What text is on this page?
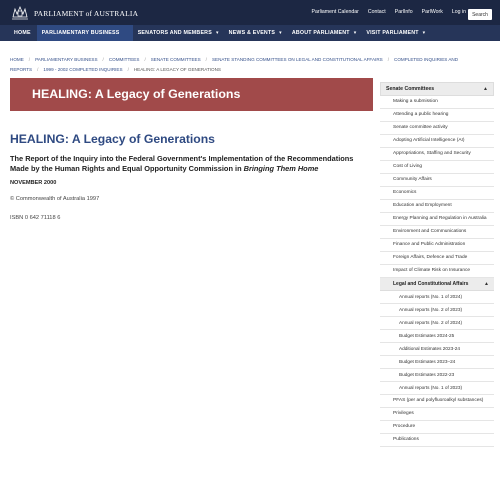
PARLIAMENT of AUSTRALIA	Parliament Calendar Contact ParlInfo ParlWork Log in	Search
HOME PARLIAMENTARY BUSINESS	SENATORS AND MEMBERS ▾ NEWS & EVENTS ▾ ABOUT PARLIAMENT ▾ VISIT PARLIAMENT ▾
HOME / PARLIAMENTARY BUSINESS / COMMITTEES / SENATE COMMITTEES / SENATE STANDING COMMITTEES ON LEGAL AND CONSTITUTIONAL AFFAIRS / COMPLETED INQUIRIES AND REPORTS / 1999 - 2002 COMPLETED INQUIRIES / HEALING: A LEGACY OF GENERATIONS
HEALING: A Legacy of Generations
HEALING: A Legacy of Generations

The Report of the Inquiry into the Federal Government's Implementation of the Recommendations Made by the Human Rights and Equal Opportunity Commission in Bringing Them Home

NOVEMBER 2000

© Commonwealth of Australia 1997

ISBN 0 642 71118 6

Senate Committees	▲
Making a submission
Attending a public hearing
Senate committee activity
Adopting Artificial Intelligence (AI)
Appropriations, Staffing and Security
Cost of Living
Community Affairs
Economics
Education and Employment
Energy Planning and Regulation in Australia
Environment and Communications
Finance and Public Administration
Foreign Affairs, Defence and Trade
Impact of Climate Risk on Insurance
Legal and Constitutional Affairs	▲
Annual reports (No. 1 of 2024)
Annual reports (No. 2 of 2023)
Annual reports (No. 2 of 2024)
Budget Estimates 2024-25
Additional Estimates 2023-24
Budget Estimates 2023–24
Budget Estimates 2022-23
Annual reports (No. 1 of 2023)
PFAS (per and polyfluoroalkyl substances)
Privileges
Procedure
Publications
